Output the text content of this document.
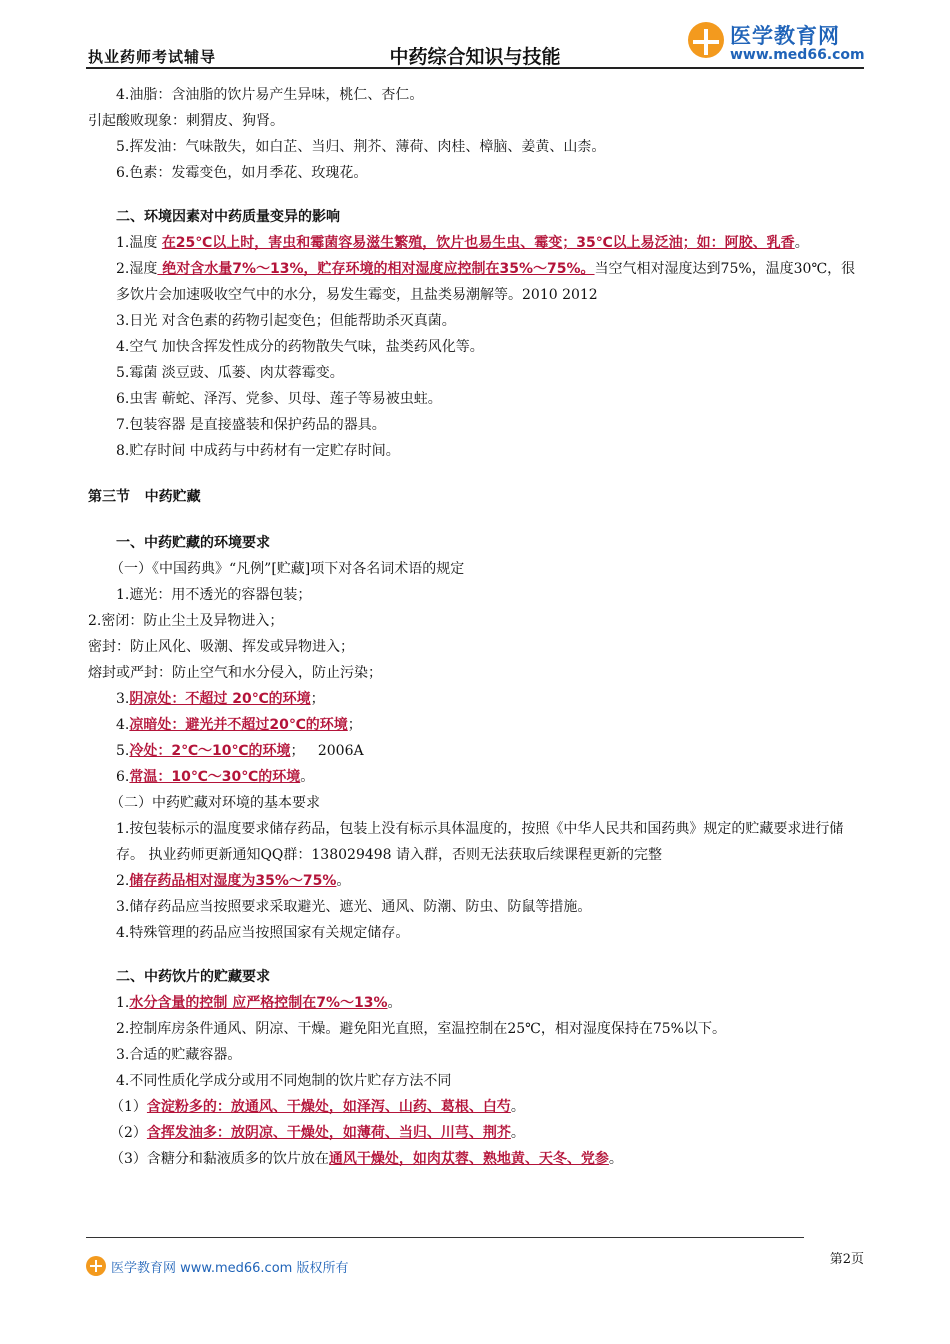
执业药师考试辅导	中药综合知识与技能
医学教育网
www.med66.com

4.油脂：含油脂的饮片易产生异味，桃仁、杏仁。

引起酸败现象：刺猬皮、狗肾。

5.挥发油：气味散失，如白芷、当归、荆芥、薄荷、肉桂、樟脑、姜黄、山柰。

6.色素：发霉变色，如月季花、玫瑰花。

二、环境因素对中药质量变异的影响

1.温度 在25℃以上时，害虫和霉菌容易滋生繁殖，饮片也易生虫、霉变；35℃以上易泛油；如：阿胶、乳香。

2.湿度 绝对含水量7%～13%，贮存环境的相对湿度应控制在35%～75%。当空气相对湿度达到75%，温度30℃，很多饮片会加速吸收空气中的水分，易发生霉变，且盐类易潮解等。2010 2012

3.日光 对含色素的药物引起变色；但能帮助杀灭真菌。

4.空气 加快含挥发性成分的药物散失气味，盐类药风化等。

5.霉菌 淡豆豉、瓜蒌、肉苁蓉霉变。

6.虫害 蕲蛇、泽泻、党参、贝母、莲子等易被虫蛀。

7.包装容器 是直接盛装和保护药品的器具。

8.贮存时间 中成药与中药材有一定贮存时间。

第三节   中药贮藏

一、中药贮藏的环境要求

（一）《中国药典》“凡例”[贮藏]项下对各名词术语的规定

1.遮光：用不透光的容器包装；

2.密闭：防止尘土及异物进入；

密封：防止风化、吸潮、挥发或异物进入；

熔封或严封：防止空气和水分侵入，防止污染；

3.阴凉处：不超过 20℃的环境；

4.凉暗处：避光并不超过20℃的环境；

5.冷处：2℃～10℃的环境；   2006A

6.常温：10℃～30℃的环境。

（二）中药贮藏对环境的基本要求

1.按包装标示的温度要求储存药品，包装上没有标示具体温度的，按照《中华人民共和国药典》规定的贮藏要求进行储存。 执业药师更新通知QQ群：138029498 请入群，否则无法获取后续课程更新的完整

2.储存药品相对湿度为35%～75%。

3.储存药品应当按照要求采取避光、遮光、通风、防潮、防虫、防鼠等措施。

4.特殊管理的药品应当按照国家有关规定储存。

二、中药饮片的贮藏要求

1.水分含量的控制 应严格控制在7%～13%。

2.控制库房条件通风、阴凉、干燥。避免阳光直照，室温控制在25℃，相对湿度保持在75%以下。

3.合适的贮藏容器。

4.不同性质化学成分或用不同炮制的饮片贮存方法不同

（1）含淀粉多的：放通风、干燥处，如泽泻、山药、葛根、白芍。

（2）含挥发油多：放阴凉、干燥处，如薄荷、当归、川芎、荆芥。

（3）含糖分和黏液质多的饮片放在通风干燥处，如肉苁蓉、熟地黄、天冬、党参。

医学教育网 www.med66.com 版权所有
第2页
